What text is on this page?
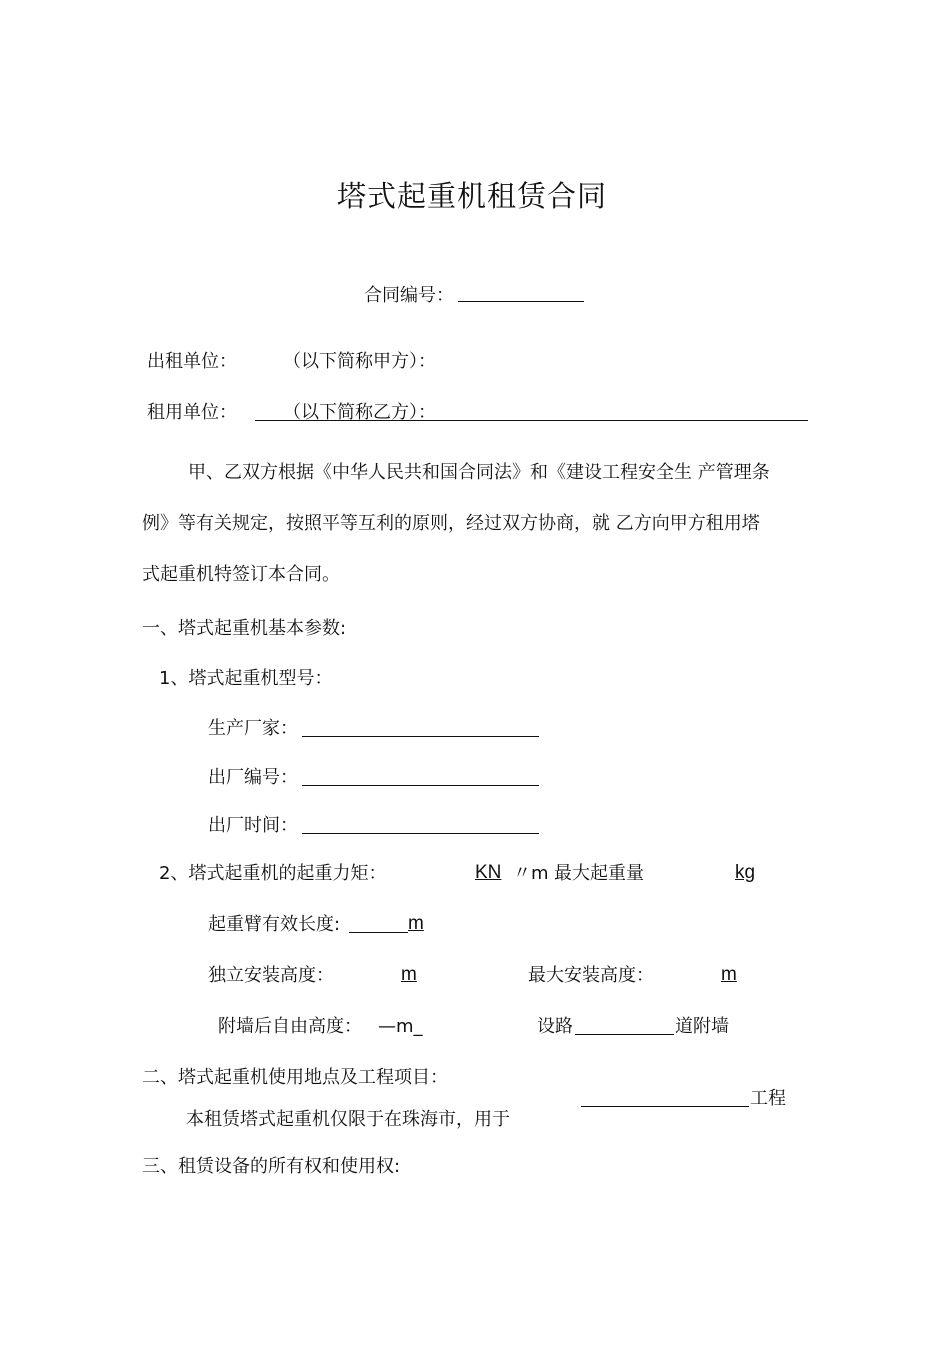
塔式起重机租赁合同
合同编号：
出租单位：	（以下简称甲方）：
租用单位：	（以下简称乙方）：
甲、乙双方根据《中华人民共和国合同法》和《建设工程安全生 产管理条
例》等有关规定，按照平等互利的原则，经过双方协商，就 乙方向甲方租用塔
式起重机特签订本合同。
一、塔式起重机基本参数:
1、塔式起重机型号：
生产厂家：
出厂编号：
出厂时间：
2、塔式起重机的起重力矩：	KN 〃m 最大起重量	kg
起重臂有效长度:	m
独立安装高度：	m	最大安装高度：	m
附墙后自由高度： —m_	设路	道附墙
二、塔式起重机使用地点及工程项目：
工程
本租赁塔式起重机仅限于在珠海市，用于
三、租赁设备的所有权和使用权:
